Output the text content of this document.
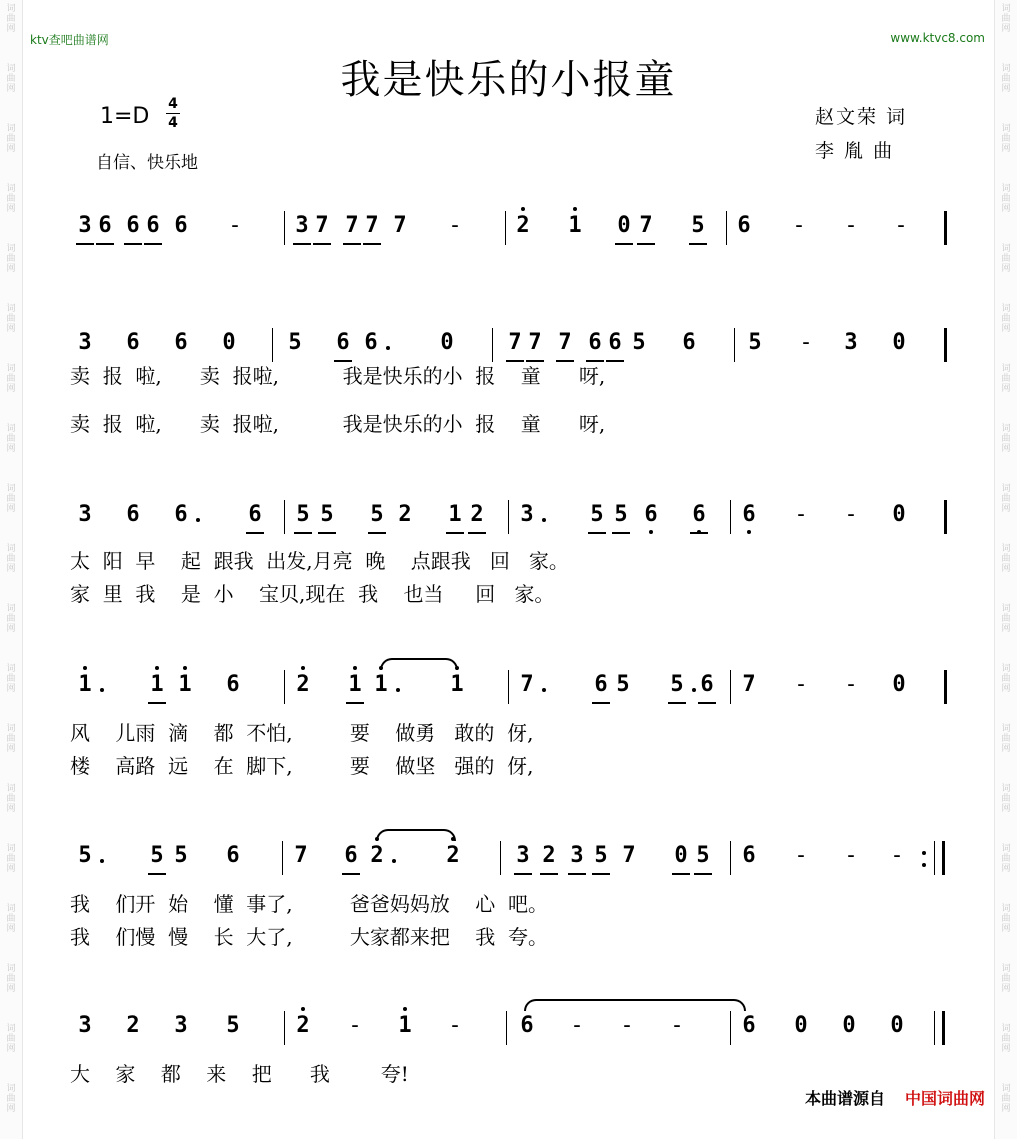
词
曲
网
词
曲
网
词
曲
网
词
曲
网
词
曲
网
词
曲
网
词
曲
网
词
曲
网
词
曲
网
词
曲
网
词
曲
网
词
曲
网
词
曲
网
词
曲
网
词
曲
网
词
曲
网
词
曲
网
词
曲
网
词
曲
网
词
曲
网
词
曲
网
词
曲
网
词
曲
网
词
曲
网
词
曲
网
词
曲
网
词
曲
网
词
曲
网
词
曲
网
词
曲
网
词
曲
网
词
曲
网
词
曲
网
词
曲
网
词
曲
网
词
曲
网
词
曲
网
词
曲
网
ktv查吧曲谱网	www.ktvc8.com
我是快乐的小报童
1=D 4
4
自信、快乐地
赵文荣 词
李 胤 曲
3 6 6 6 6 - 3 7 7 7 7 - 2 1 0 7 5 6 - - -
3 6 6 0 5 6 6	0 7 7 7 6 6 5 6 5 - 3 0
3 6 6	6 5 5 5 2 1 2 3	5 5 6 6 6 - - 0
1	1 1 6	2 1 1	1	7	6 5 5 6 7 - - 0
5	5 5 6 7 6 2	2	3 2 3 5 7 0 5 6 - - -
3 2 3 5	2 - 1 -	6 - - -	6 0 0 0
卖  报  啦,      卖  报啦,          我是快乐的小  报    童      呀,
卖  报  啦,      卖  报啦,          我是快乐的小  报    童      呀,
太  阳  早    起  跟我  出发,月亮  晚    点跟我   回   家。
家  里  我    是  小    宝贝,现在  我    也当     回   家。
风    儿雨  滴    都  不怕,         要    做勇   敢的  伢,
楼    高路  远    在  脚下,         要    做坚   强的  伢,
我    们开  始    懂  事了,         爸爸妈妈放    心  吧。
我    们慢  慢    长  大了,         大家都来把    我  夸。
大    家    都    来    把      我        夸!
本曲谱源自 中国词曲网
